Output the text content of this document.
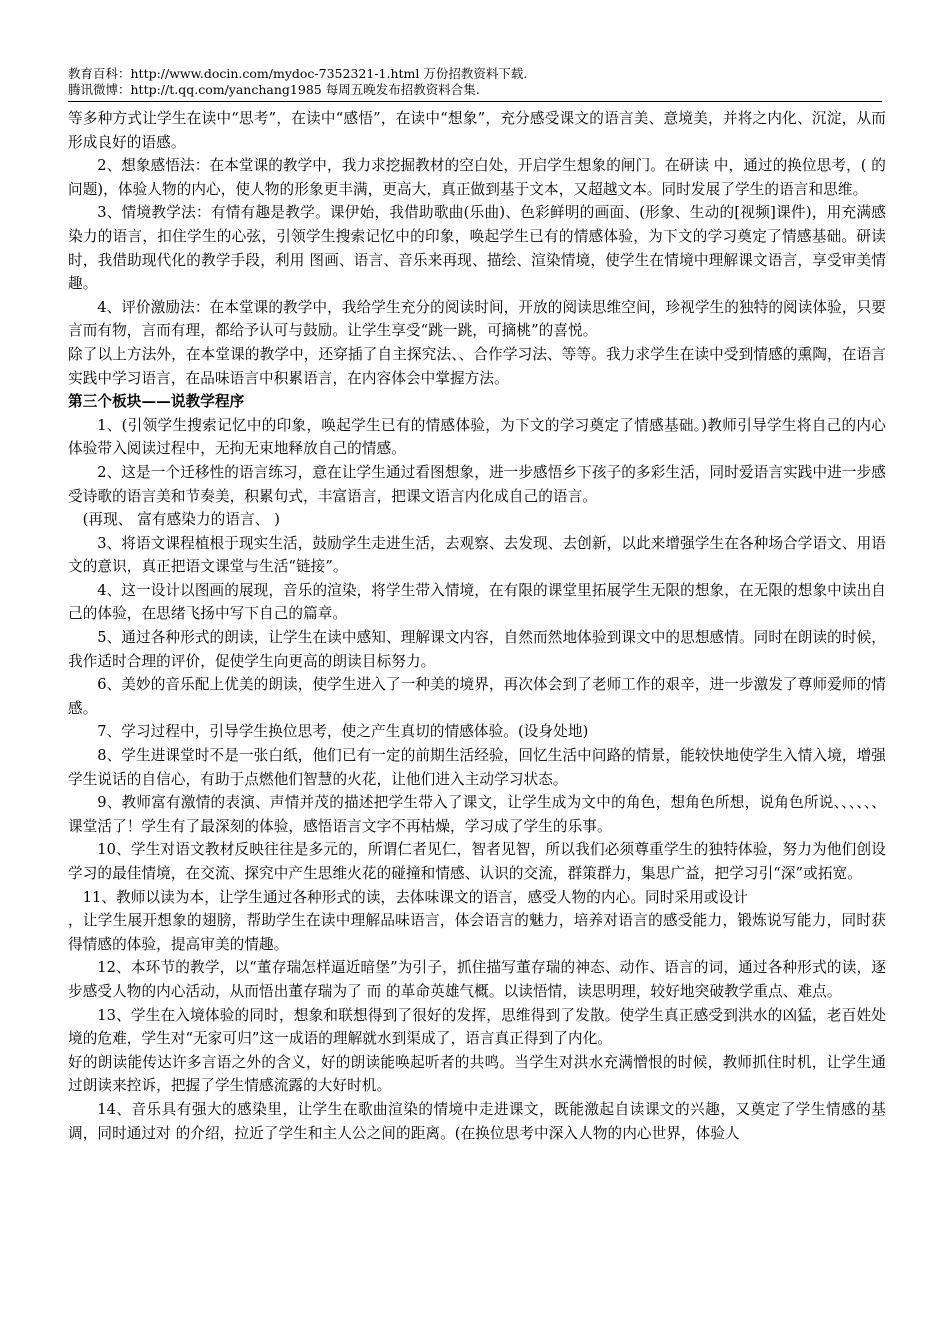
教育百科：http://www.docin.com/mydoc-7352321-1.html 万份招教资料下载.
腾讯微博：http://t.qq.com/yanchang1985 每周五晚发布招教资料合集.

等多种方式让学生在读中“思考”，在读中“感悟”，在读中“想象”，充分感受课文的语言美、意境美，并将之内化、沉淀，从而形成良好的语感。

2、想象感悟法：在本堂课的教学中，我力求挖掘教材的空白处，开启学生想象的闸门。在研读 中，通过的换位思考，( 的问题)，体验人物的内心，使人物的形象更丰满，更高大，真正做到基于文本，又超越文本。同时发展了学生的语言和思维。

3、情境教学法：有情有趣是教学。课伊始，我借助歌曲(乐曲)、色彩鲜明的画面、(形象、生动的[视频]课件)，用充满感染力的语言，扣住学生的心弦，引领学生搜索记忆中的印象，唤起学生已有的情感体验，为下文的学习奠定了情感基础。研读 时，我借助现代化的教学手段，利用 图画、语言、音乐来再现、描绘、渲染情境，使学生在情境中理解课文语言，享受审美情趣。

4、评价激励法：在本堂课的教学中，我给学生充分的阅读时间，开放的阅读思维空间，珍视学生的独特的阅读体验，只要言而有物，言而有理，都给予认可与鼓励。让学生享受“跳一跳，可摘桃”的喜悦。

除了以上方法外，在本堂课的教学中，还穿插了自主探究法、、合作学习法、等等。我力求学生在读中受到情感的熏陶，在语言实践中学习语言，在品味语言中积累语言，在内容体会中掌握方法。

第三个板块——说教学程序

1、(引领学生搜索记忆中的印象，唤起学生已有的情感体验，为下文的学习奠定了情感基础。)教师引导学生将自己的内心体验带入阅读过程中，无拘无束地释放自己的情感。

2、这是一个迁移性的语言练习，意在让学生通过看图想象，进一步感悟乡下孩子的多彩生活，同时爱语言实践中进一步感受诗歌的语言美和节奏美，积累句式，丰富语言，把课文语言内化成自己的语言。

(再现、 富有感染力的语言、 )

3、将语文课程植根于现实生活，鼓励学生走进生活，去观察、去发现、去创新，以此来增强学生在各种场合学语文、用语文的意识，真正把语文课堂与生活“链接”。

4、这一设计以图画的展现，音乐的渲染，将学生带入情境，在有限的课堂里拓展学生无限的想象，在无限的想象中读出自己的体验，在思绪飞扬中写下自己的篇章。

5、通过各种形式的朗读，让学生在读中感知、理解课文内容，自然而然地体验到课文中的思想感情。同时在朗读的时候，我作适时合理的评价，促使学生向更高的朗读目标努力。

6、美妙的音乐配上优美的朗读，使学生进入了一种美的境界，再次体会到了老师工作的艰辛，进一步激发了尊师爱师的情感。

7、学习过程中，引导学生换位思考，使之产生真切的情感体验。(设身处地)

8、学生进课堂时不是一张白纸，他们已有一定的前期生活经验，回忆生活中问路的情景，能较快地使学生入情入境，增强学生说话的自信心，有助于点燃他们智慧的火花，让他们进入主动学习状态。

9、教师富有激情的表演、声情并茂的描述把学生带入了课文，让学生成为文中的角色，想角色所想，说角色所说、、、、、、课堂活了！学生有了最深刻的体验，感悟语言文字不再枯燥，学习成了学生的乐事。

10、学生对语文教材反映往往是多元的，所谓仁者见仁，智者见智，所以我们必须尊重学生的独特体验，努力为他们创设学习的最佳情境，在交流、探究中产生思维火花的碰撞和情感、认识的交流，群策群力，集思广益，把学习引“深”或拓宽。

11、教师以读为本，让学生通过各种形式的读，去体味课文的语言，感受人物的内心。同时采用或设计

，让学生展开想象的翅膀，帮助学生在读中理解品味语言，体会语言的魅力，培养对语言的感受能力，锻炼说写能力，同时获得情感的体验，提高审美的情趣。

12、本环节的教学，以“董存瑞怎样逼近暗堡”为引子，抓住描写董存瑞的神态、动作、语言的词，通过各种形式的读，逐步感受人物的内心活动，从而悟出董存瑞为了 而 的革命英雄气概。以读悟情，读思明理，较好地突破教学重点、难点。

13、学生在入境体验的同时，想象和联想得到了很好的发挥，思维得到了发散。使学生真正感受到洪水的凶猛，老百姓处境的危难，学生对“无家可归”这一成语的理解就水到渠成了，语言真正得到了内化。

好的朗读能传达许多言语之外的含义，好的朗读能唤起听者的共鸣。当学生对洪水充满憎恨的时候，教师抓住时机，让学生通过朗读来控诉，把握了学生情感流露的大好时机。

14、音乐具有强大的感染里，让学生在歌曲渲染的情境中走进课文，既能激起自读课文的兴趣，又奠定了学生情感的基调，同时通过对 的介绍，拉近了学生和主人公之间的距离。(在换位思考中深入人物的内心世界，体验人
